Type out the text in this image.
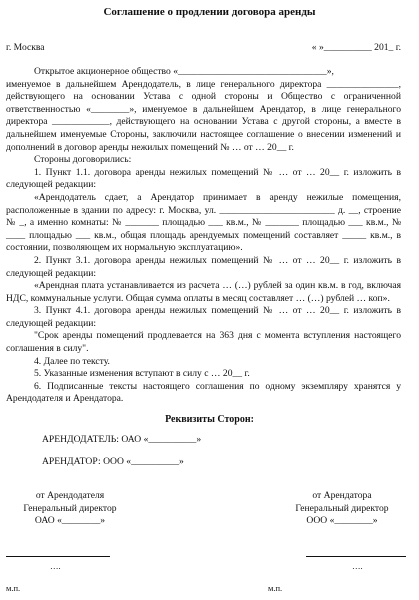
Соглашение о продлении договора аренды
г. Москва	« »__________ 201_ г.

Открытое акционерное общество «_______________________________»,

именуемое в дальнейшем Арендодатель, в лице генерального директора _______________, действующего на основании Устава с одной стороны и Общество с ограниченной ответственностью «________», именуемое в дальнейшем Арендатор, в лице генерального директора ____________, действующего на основании Устава с другой стороны, а вместе в дальнейшем именуемые Стороны, заключили настоящее соглашение о внесении изменений и дополнений в договор аренды нежилых помещений № … от … 20__ г.

Стороны договорились:

1. Пункт 1.1. договора аренды нежилых помещений № … от … 20__ г. изложить в следующей редакции:

«Арендодатель сдает, а Арендатор принимает в аренду нежилые помещения, расположенные в здании по адресу: г. Москва, ул. ________________________ д. __, строение № _, а именно комнаты: № _______ площадью ___ кв.м., № _______ площадью ___ кв.м., № ____ площадью ___ кв.м., общая площадь арендуемых помещений составляет _____ кв.м., в состоянии, позволяющем их нормальную эксплуатацию».

2. Пункт 3.1. договора аренды нежилых помещений № … от … 20__ г. изложить в следующей редакции:

«Арендная плата устанавливается из расчета … (…) рублей за один кв.м. в год, включая НДС, коммунальные услуги. Общая сумма оплаты в месяц составляет … (…) рублей … коп».

3. Пункт 4.1. договора аренды нежилых помещений № … от … 20__ г. изложить в следующей редакции:

"Срок аренды помещений продлевается на 363 дня с момента вступления настоящего соглашения в силу".

4. Далее по тексту.

5. Указанные изменения вступают в силу с … 20__ г.

6. Подписанные тексты настоящего соглашения по одному экземпляру хранятся у Арендодателя и Арендатора.

Реквизиты Сторон:
АРЕНДОДАТЕЛЬ: ОАО «__________»
АРЕНДАТОР: ООО «__________»
от Арендодателя
Генеральный директор
ОАО «________»
….
м.п.
от Арендатора
Генеральный директор
ООО «________»
….
м.п.
